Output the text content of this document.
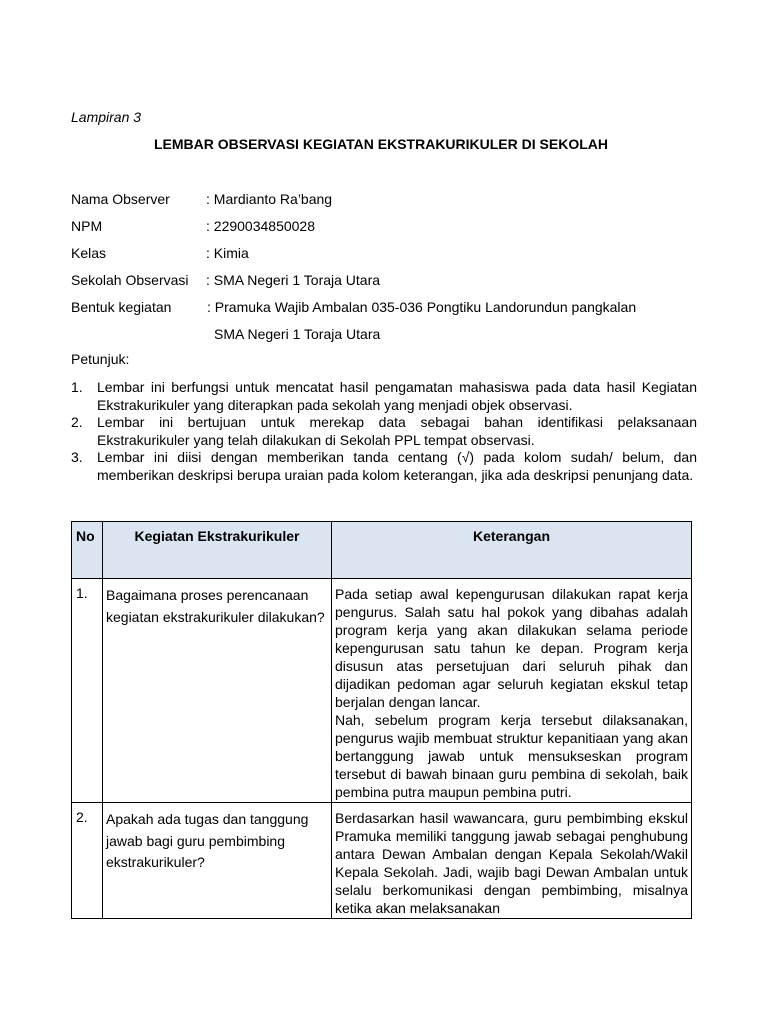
Lampiran 3
LEMBAR OBSERVASI KEGIATAN EKSTRAKURIKULER DI SEKOLAH
Nama Observer	: Mardianto Ra’bang
NPM	: 2290034850028
Kelas	: Kimia
Sekolah Observasi : SMA Negeri 1 Toraja Utara
Bentuk kegiatan	: Pramuka Wajib Ambalan 035-036 Pongtiku Landorundun pangkalan
SMA Negeri 1 Toraja Utara
Petunjuk:
1. Lembar ini berfungsi untuk mencatat hasil pengamatan mahasiswa pada data hasil Kegiatan Ekstrakurikuler yang diterapkan pada sekolah yang menjadi objek observasi.
2. Lembar ini bertujuan untuk merekap data sebagai bahan identifikasi pelaksanaan Ekstrakurikuler yang telah dilakukan di Sekolah PPL tempat observasi.
3. Lembar ini diisi dengan memberikan tanda centang (√) pada kolom sudah/ belum, dan memberikan deskripsi berupa uraian pada kolom keterangan, jika ada deskripsi penunjang data.
No	Kegiatan Ekstrakurikuler	Keterangan
1.	Bagaimana proses perencanaan kegiatan ekstrakurikuler dilakukan?	Pada setiap awal kepengurusan dilakukan rapat kerja pengurus. Salah satu hal pokok yang dibahas adalah program kerja yang akan dilakukan selama periode kepengurusan satu tahun ke depan. Program kerja disusun atas persetujuan dari seluruh pihak dan dijadikan pedoman agar seluruh kegiatan ekskul tetap berjalan dengan lancar.
Nah, sebelum program kerja tersebut dilaksanakan, pengurus wajib membuat struktur kepanitiaan yang akan bertanggung jawab untuk mensukseskan program tersebut di bawah binaan guru pembina di sekolah, baik pembina putra maupun pembina putri.

2.	Apakah ada tugas dan tanggung jawab bagi guru pembimbing ekstrakurikuler?	Berdasarkan hasil wawancara, guru pembimbing ekskul Pramuka memiliki tanggung jawab sebagai penghubung antara Dewan Ambalan dengan Kepala Sekolah/Wakil Kepala Sekolah. Jadi, wajib bagi Dewan Ambalan untuk selalu berkomunikasi dengan pembimbing, misalnya ketika akan melaksanakan
